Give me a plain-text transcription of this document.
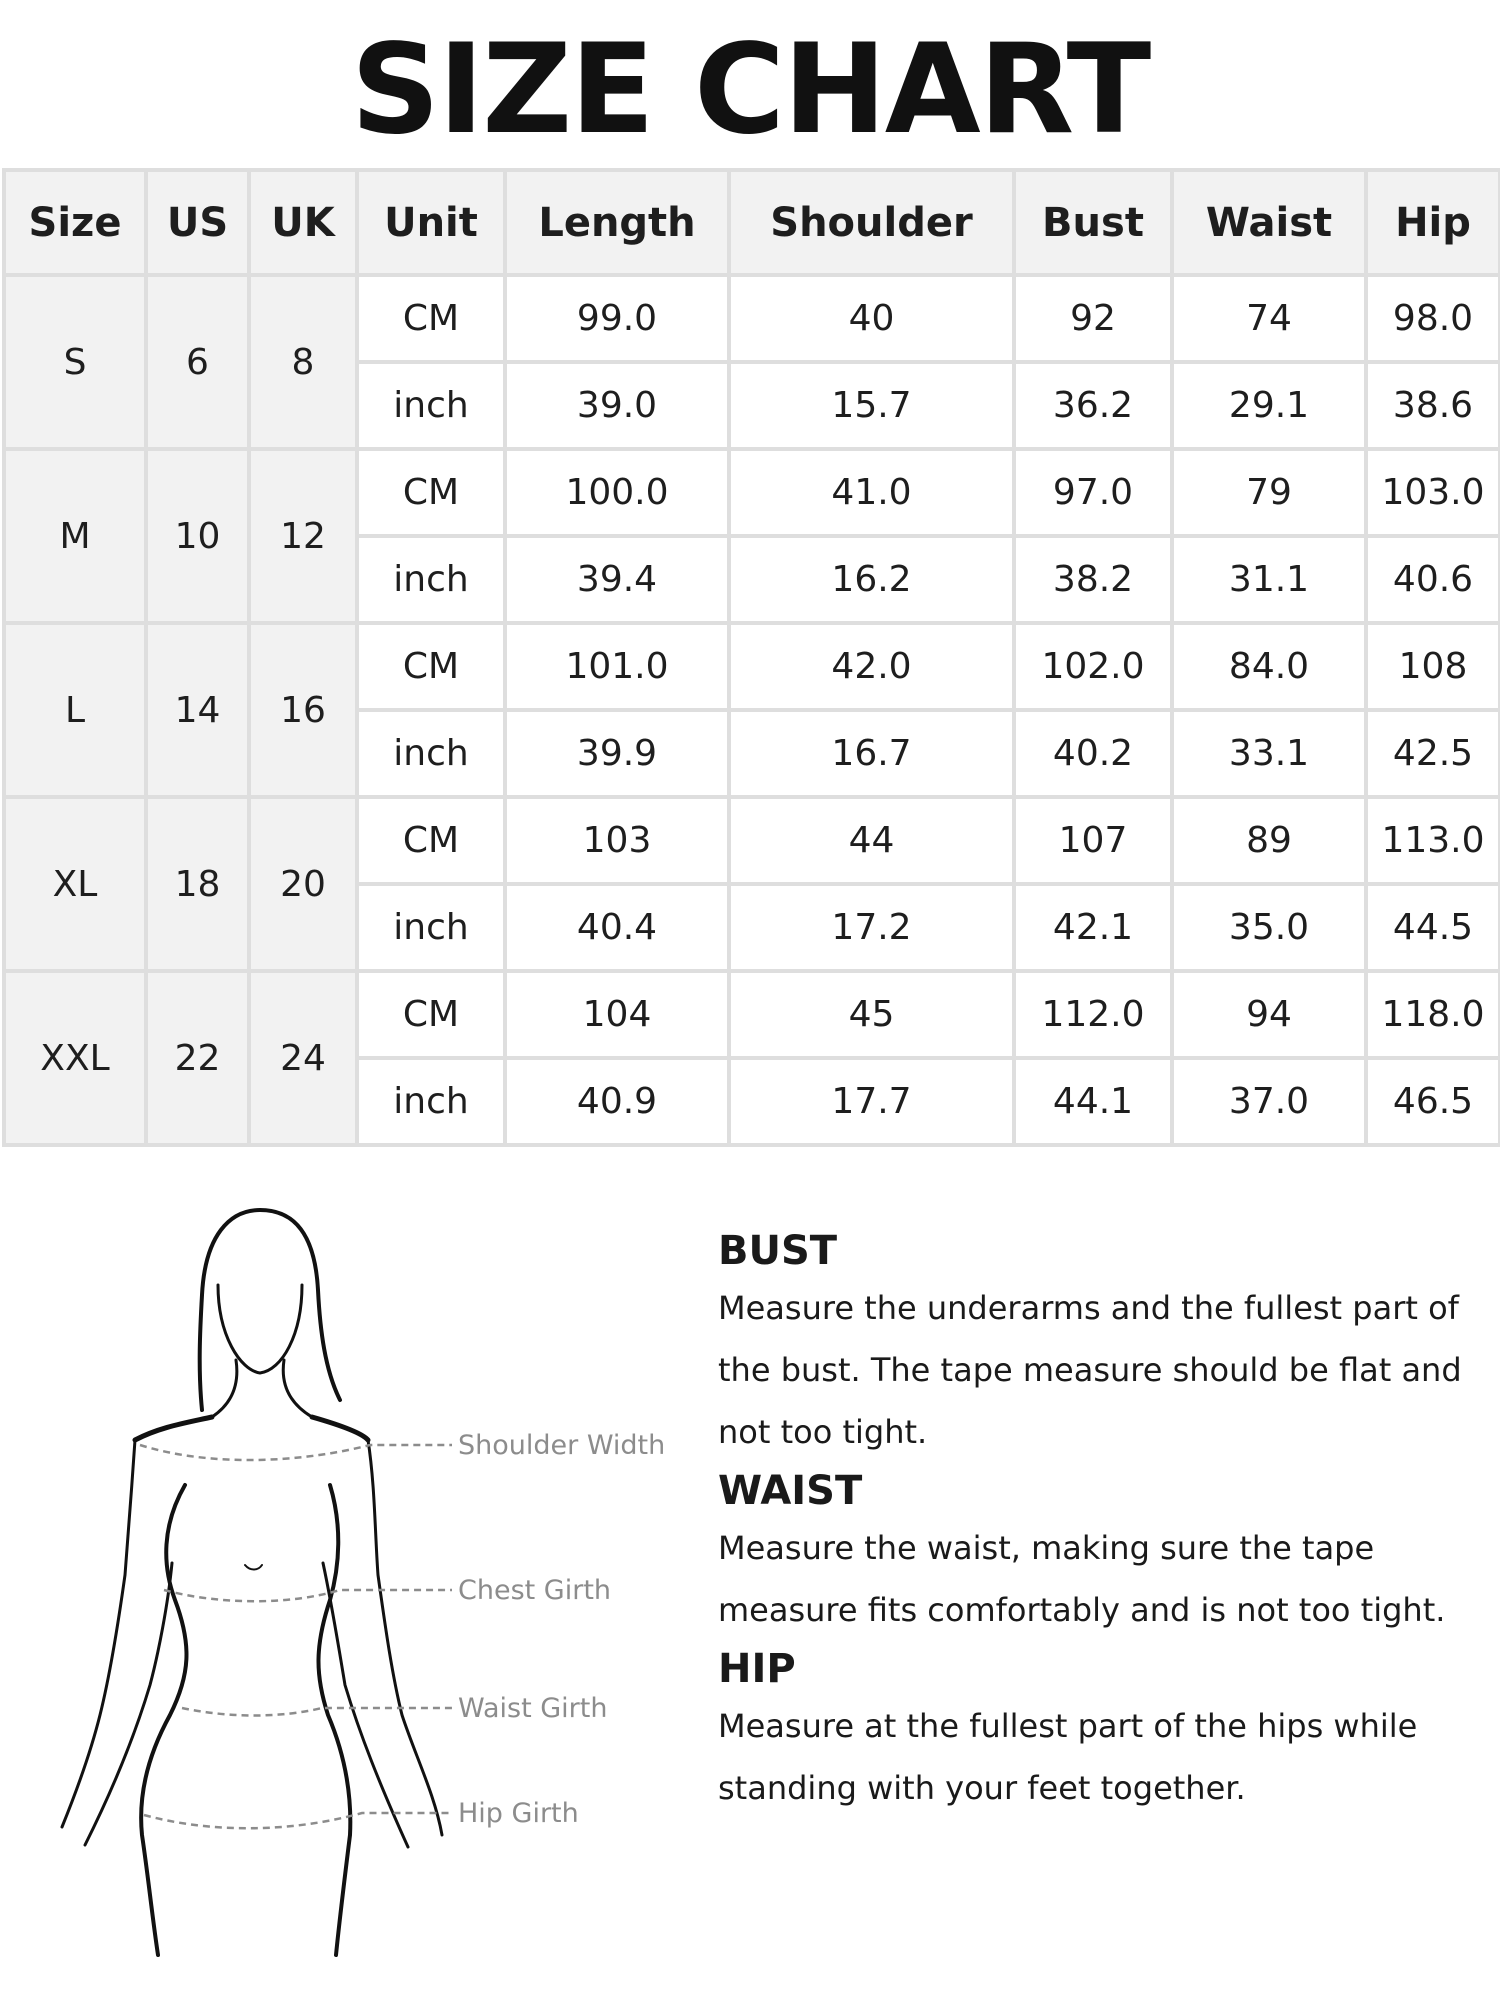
SIZE CHART
Size	US	UK	Unit	Length	Shoulder	Bust	Waist	Hip
S	6	8	CM	99.0	40	92	74	98.0
			inch	39.0	15.7	36.2	29.1	38.6
M	10	12	CM	100.0	41.0	97.0	79	103.0
			inch	39.4	16.2	38.2	31.1	40.6
L	14	16	CM	101.0	42.0	102.0	84.0	108
			inch	39.9	16.7	40.2	33.1	42.5
XL	18	20	CM	103	44	107	89	113.0
			inch	40.4	17.2	42.1	35.0	44.5
XXL	22	24	CM	104	45	112.0	94	118.0
			inch	40.9	17.7	44.1	37.0	46.5
Shoulder Width
Chest Girth
Waist Girth
Hip Girth
BUST

Measure the underarms and the fullest part of the bust. The tape measure should be flat and not too tight.

WAIST

Measure the waist, making sure the tape measure fits comfortably and is not too tight.

HIP

Measure at the fullest part of the hips while standing with your feet together.
